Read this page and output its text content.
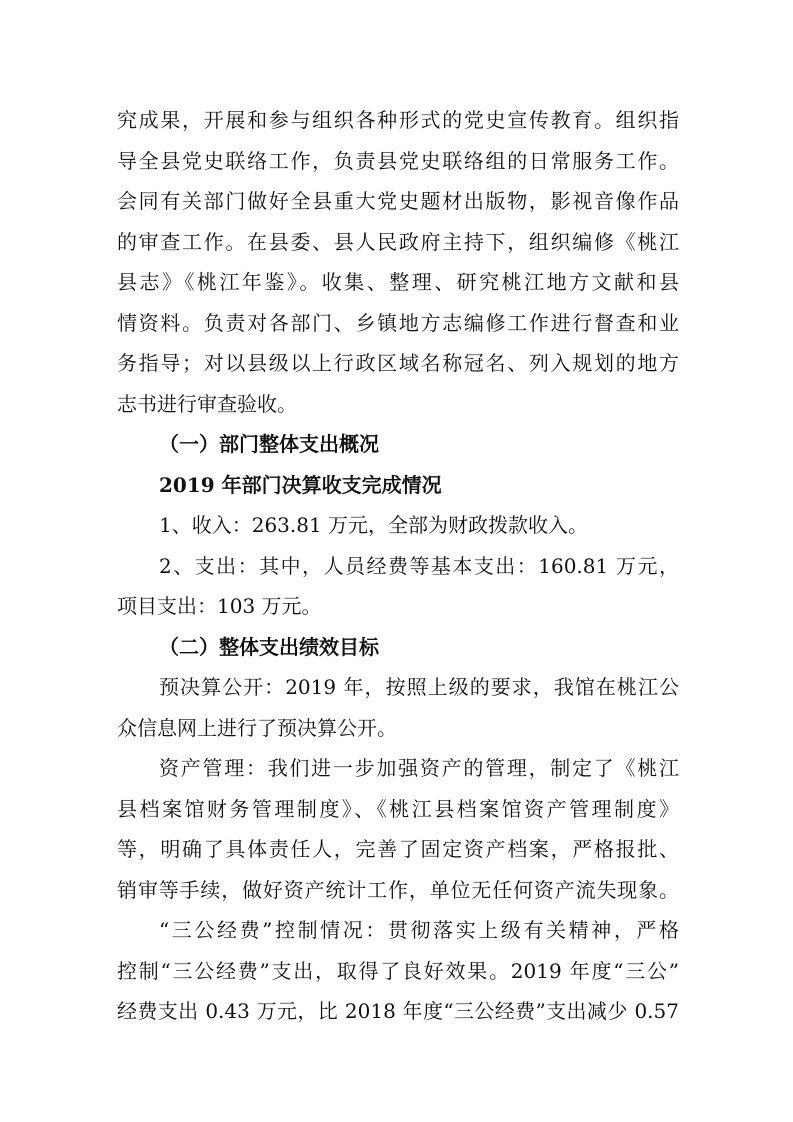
究成果，开展和参与组织各种形式的党史宣传教育。组织指
导全县党史联络工作，负责县党史联络组的日常服务工作。
会同有关部门做好全县重大党史题材出版物，影视音像作品
的审查工作。在县委、县人民政府主持下，组织编修《桃江
县志》《桃江年鉴》。收集、整理、研究桃江地方文献和县
情资料。负责对各部门、乡镇地方志编修工作进行督查和业
务指导；对以县级以上行政区域名称冠名、列入规划的地方
志书进行审查验收。
（一）部门整体支出概况
2019 年部门决算收支完成情况
1、收入：263.81 万元，全部为财政拨款收入。
2、支出：其中，人员经费等基本支出：160.81 万元，
项目支出：103 万元。
（二）整体支出绩效目标
预决算公开：2019 年，按照上级的要求，我馆在桃江公
众信息网上进行了预决算公开。
资产管理：我们进一步加强资产的管理，制定了《桃江
县档案馆财务管理制度》、《桃江县档案馆资产管理制度》
等，明确了具体责任人，完善了固定资产档案，严格报批、
销审等手续，做好资产统计工作，单位无任何资产流失现象。
“三公经费”控制情况：贯彻落实上级有关精神，严格
控制“三公经费”支出，取得了良好效果。2019 年度“三公”
经费支出 0.43 万元，比 2018 年度“三公经费”支出减少 0.57
